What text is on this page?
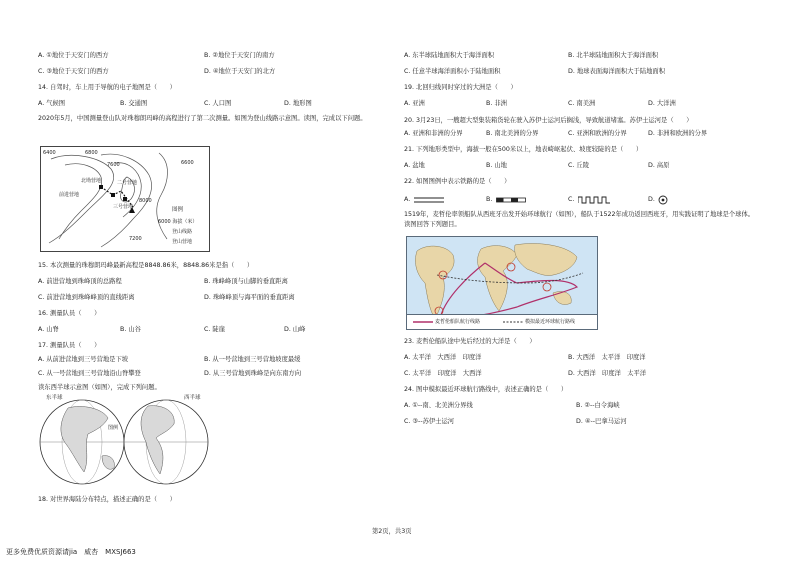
A. ①地位于天安门的西方	B. ②地位于天安门的南方
C. ③地位于天安门的西方	D. ④地位于天安门的北方
14. 自驾时，车上用于导航的电子地图是（　　）
A. 气候图	B. 交通图	C. 人口图	D. 地形图
2020年5月，中国测量登山队对珠穆朗玛峰的高程进行了第二次测量。如图为登山线路示意图。读图，完成以下问题。
6400	6800
7600
北坳营地
前进营地
二号营地
三号营地
8000
7200
6600
图例
6000 海拔（米）
登山线路
登山营地
15. 本次测量的珠穆朗玛峰最新高程是8848.86米，8848.86米是指（　　）
A. 前进营地到珠峰顶的总路程	B. 珠峰峰顶与山脚的垂直距离
C. 前进营地到珠峰峰顶的直线距离	D. 珠峰峰顶与海平面的垂直距离
16. 测量队员（　　）
A. 山脊	B. 山谷	C. 陡崖	D. 山峰
17. 测量队员（　　）
A. 从前进营地到三号营地是下坡	B. 从一号营地到三号营地坡度最缓
C. 从一号营地到三号营地沿山脊攀登	D. 从三号营地到珠峰是向东南方向
读东西半球示意图（如图），完成下列问题。
东半球	西半球
图例
18. 对世界海陆分布特点，描述正确的是（　　）
A. 东半球陆地面积大于海洋面积	B. 北半球陆地面积大于海洋面积
C. 任意半球海洋面积小于陆地面积	D. 地球表面海洋面积大于陆地面积
19. 北回归线同时穿过的大洲是（　　）
A. 亚洲	B. 非洲	C. 南美洲	D. 大洋洲
20. 3月23日，一艘超大型集装箱货轮在驶入苏伊士运河后搁浅，导致航道堵塞。苏伊士运河是（　　）
A. 亚洲和非洲的分界	B. 南北美洲的分界	C. 亚洲和欧洲的分界	D. 非洲和欧洲的分界
21. 下列地形类型中，海拔一般在500米以上，地表崎岖起伏、坡度较陡的是（　　）
A. 盆地	B. 山地	C. 丘陵	D. 高原
22. 如图图例中表示铁路的是（　　）
A.	B.	C.	D.
1519年，麦哲伦率领船队从西班牙出发开始环球航行（如图），船队于1522年成功返回西班牙，用实践证明了地球是个球体。读图回答下列题目。
麦哲伦船队航行线路	模拟最近环球航行路线
23. 麦哲伦船队途中先后经过的大洋是（　　）
A. 太平洋　大西洋　印度洋	B. 大西洋　太平洋　印度洋
C. 太平洋　印度洋　大西洋	D. 大西洋　印度洋　太平洋
24. 图中模拟最近环球航行路线中，表述正确的是（　　）
A. ①--南、北美洲分界线	B. ②--白令海峡
C. ③--苏伊士运河	D. ④--巴拿马运河
第2页，共3页
更多免费优质资源请jia　威杏　MXSJ663
